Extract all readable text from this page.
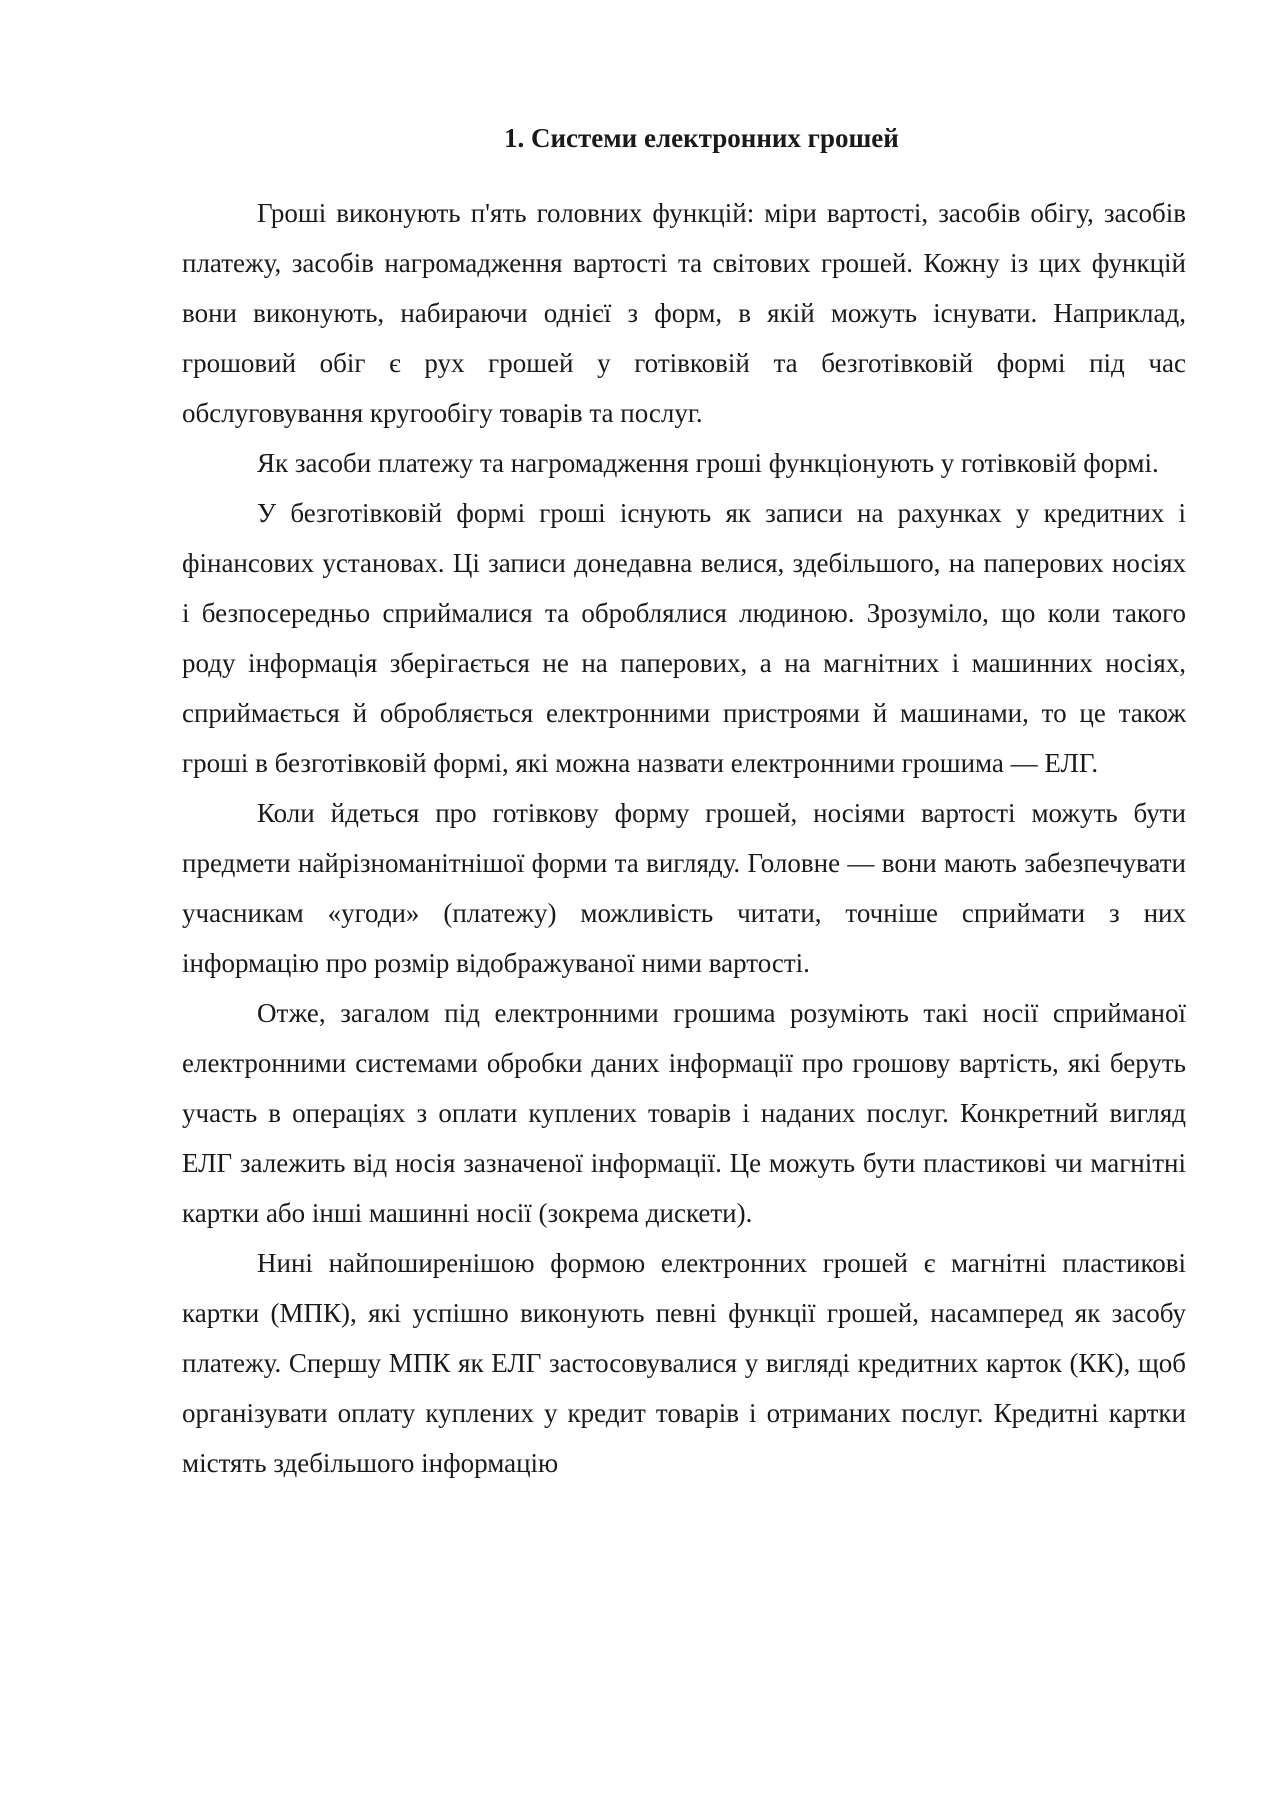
1. Системи електронних грошей

Гроші виконують п'ять головних функцій: міри вартості, засобів обігу, засобів платежу, засобів нагромадження вартості та світових грошей. Кожну із цих функцій вони виконують, набираючи однієї з форм, в якій можуть існувати. Наприклад, грошовий обіг є рух грошей у готівковій та безготівковій формі під час обслуговування кругообігу товарів та послуг.

Як засоби платежу та нагромадження гроші функціонують у готівковій формі.

У безготівковій формі гроші існують як записи на рахунках у кредитних і фінансових установах. Ці записи донедавна велися, здебільшого, на паперових носіях і безпосередньо сприймалися та оброблялися людиною. Зрозуміло, що коли такого роду інформація зберігається не на паперових, а на магнітних і машинних носіях, сприймається й обробляється електронними пристроями й машинами, то це також гроші в безготівковій формі, які можна назвати електронними грошима — ЕЛГ.

Коли йдеться про готівкову форму грошей, носіями вартості можуть бути предмети найрізноманітнішої форми та вигляду. Головне — вони мають забезпечувати учасникам «угоди» (платежу) можливість читати, точніше сприймати з них інформацію про розмір відображуваної ними вартості.

Отже, загалом під електронними грошима розуміють такі носії сприйманої електронними системами обробки даних інформації про грошову вартість, які беруть участь в операціях з оплати куплених товарів і наданих послуг. Конкретний вигляд ЕЛГ залежить від носія зазначеної інформації. Це можуть бути пластикові чи магнітні картки або інші машинні носії (зокрема дискети).

Нині найпоширенішою формою електронних грошей є магнітні пластикові картки (МПК), які успішно виконують певні функції грошей, насамперед як засобу платежу. Спершу МПК як ЕЛГ застосовувалися у вигляді кредитних карток (КК), щоб організувати оплату куплених у кредит товарів і отриманих послуг. Кредитні картки містять здебільшого інформацію
